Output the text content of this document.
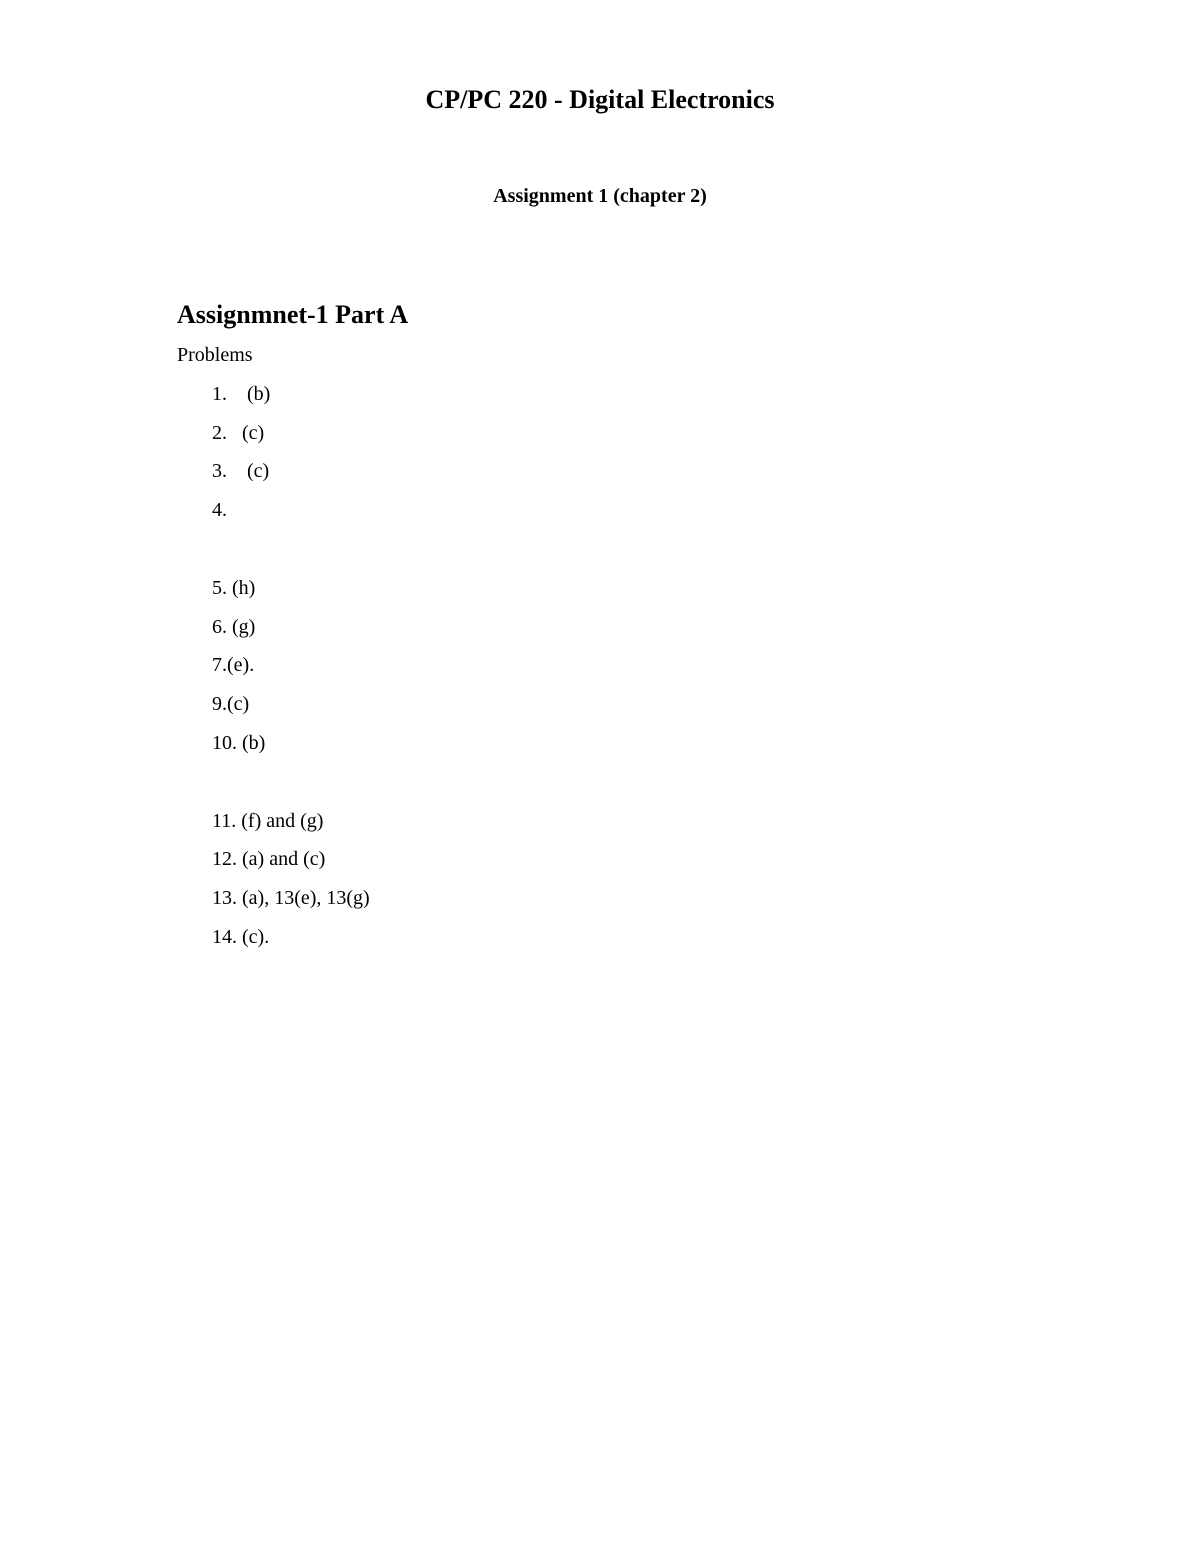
CP/PC 220 - Digital Electronics
Assignment 1 (chapter 2)
Assignmnet-1 Part A
Problems
1.    (b)
2.   (c)
3.    (c)
4.
5. (h)
6. (g)
7.(e).
9.(c)
10. (b)
11. (f) and (g)
12. (a) and (c)
13. (a), 13(e), 13(g)
14. (c).
